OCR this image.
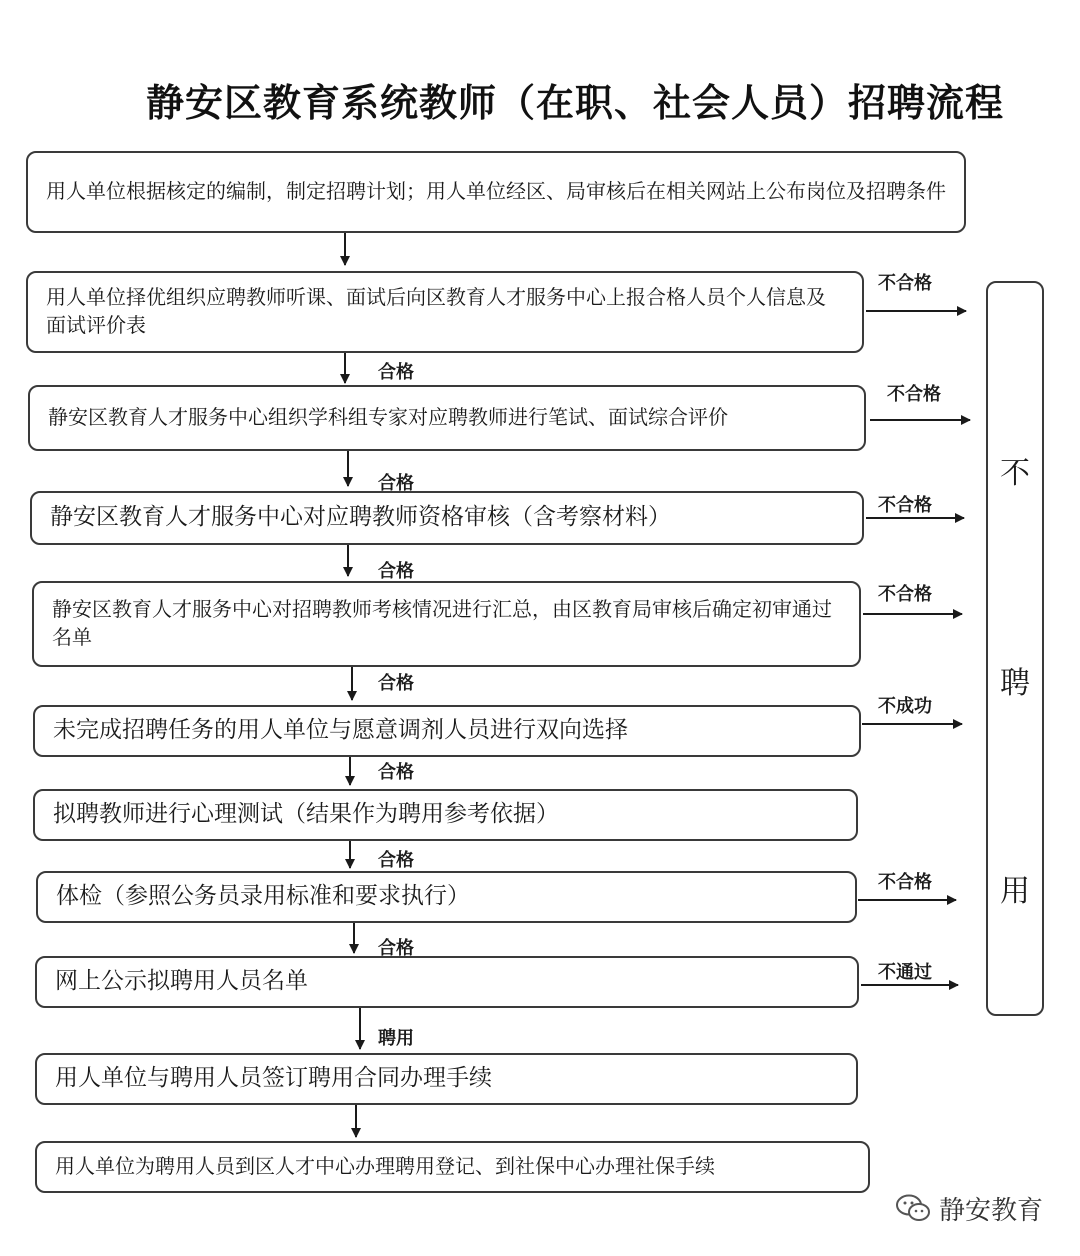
静安区教育系统教师（在职、社会人员）招聘流程
用人单位根据核定的编制，制定招聘计划；用人单位经区、局审核后在相关网站上公布岗位及招聘条件
用人单位择优组织应聘教师听课、面试后向区教育人才服务中心上报合格人员个人信息及面试评价表
静安区教育人才服务中心组织学科组专家对应聘教师进行笔试、面试综合评价
静安区教育人才服务中心对应聘教师资格审核（含考察材料）
静安区教育人才服务中心对招聘教师考核情况进行汇总，由区教育局审核后确定初审通过名单
未完成招聘任务的用人单位与愿意调剂人员进行双向选择
拟聘教师进行心理测试（结果作为聘用参考依据）
体检（参照公务员录用标准和要求执行）
网上公示拟聘用人员名单
用人单位与聘用人员签订聘用合同办理手续
用人单位为聘用人员到区人才中心办理聘用登记、到社保中心办理社保手续
合格
合格
合格
合格
合格
合格
合格
聘用
不合格
不合格
不合格
不合格
不成功
不合格
不通过
不
聘
用
静安教育
